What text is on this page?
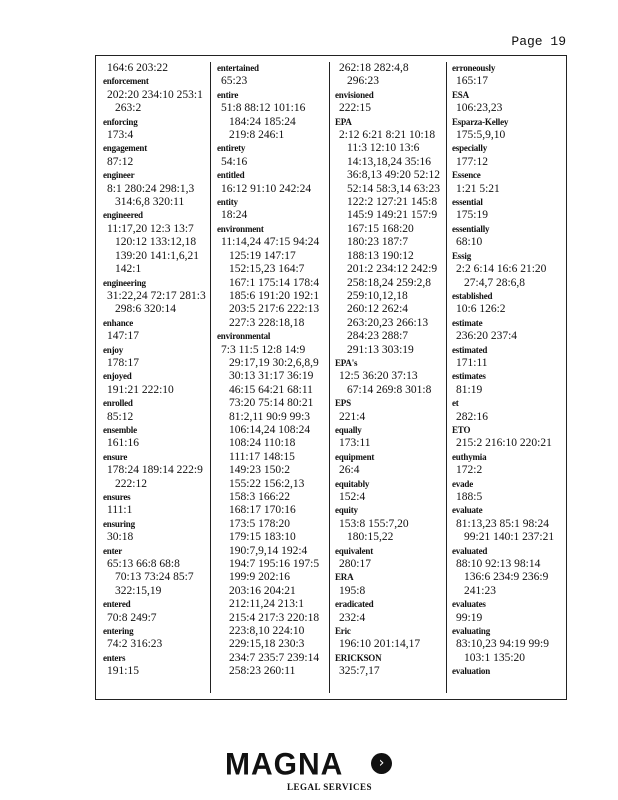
Page 19
164:6 203:22
enforcement
202:20 234:10 253:1
263:2
enforcing
173:4
engagement
87:12
engineer
8:1 280:24 298:1,3
314:6,8 320:11
engineered
11:17,20 12:3 13:7
120:12 133:12,18
139:20 141:1,6,21
142:1
engineering
31:22,24 72:17 281:3
298:6 320:14
enhance
147:17
enjoy
178:17
enjoyed
191:21 222:10
enrolled
85:12
ensemble
161:16
ensure
178:24 189:14 222:9
222:12
ensures
111:1
ensuring
30:18
enter
65:13 66:8 68:8
70:13 73:24 85:7
322:15,19
entered
70:8 249:7
entering
74:2 316:23
enters
191:15
entertained
65:23
entire
51:8 88:12 101:16
184:24 185:24
219:8 246:1
entirety
54:16
entitled
16:12 91:10 242:24
entity
18:24
environment
11:14,24 47:15 94:24
125:19 147:17
152:15,23 164:7
167:1 175:14 178:4
185:6 191:20 192:1
203:5 217:6 222:13
227:3 228:18,18
environmental
7:3 11:5 12:8 14:9
29:17,19 30:2,6,8,9
30:13 31:17 36:19
46:15 64:21 68:11
73:20 75:14 80:21
81:2,11 90:9 99:3
106:14,24 108:24
108:24 110:18
111:17 148:15
149:23 150:2
155:22 156:2,13
158:3 166:22
168:17 170:16
173:5 178:20
179:15 183:10
190:7,9,14 192:4
194:7 195:16 197:5
199:9 202:16
203:16 204:21
212:11,24 213:1
215:4 217:3 220:18
223:8,10 224:10
229:15,18 230:3
234:7 235:7 239:14
258:23 260:11
262:18 282:4,8
296:23
envisioned
222:15
EPA
2:12 6:21 8:21 10:18
11:3 12:10 13:6
14:13,18,24 35:16
36:8,13 49:20 52:12
52:14 58:3,14 63:23
122:2 127:21 145:8
145:9 149:21 157:9
167:15 168:20
180:23 187:7
188:13 190:12
201:2 234:12 242:9
258:18,24 259:2,8
259:10,12,18
260:12 262:4
263:20,23 266:13
284:23 288:7
291:13 303:19
EPA's
12:5 36:20 37:13
67:14 269:8 301:8
EPS
221:4
equally
173:11
equipment
26:4
equitably
152:4
equity
153:8 155:7,20
180:15,22
equivalent
280:17
ERA
195:8
eradicated
232:4
Eric
196:10 201:14,17
ERICKSON
325:7,17
erroneously
165:17
ESA
106:23,23
Esparza-Kelley
175:5,9,10
especially
177:12
Essence
1:21 5:21
essential
175:19
essentially
68:10
Essig
2:2 6:14 16:6 21:20
27:4,7 28:6,8
established
10:6 126:2
estimate
236:20 237:4
estimated
171:11
estimates
81:19
et
282:16
ETO
215:2 216:10 220:21
euthymia
172:2
evade
188:5
evaluate
81:13,23 85:1 98:24
99:21 140:1 237:21
evaluated
88:10 92:13 98:14
136:6 234:9 236:9
241:23
evaluates
99:19
evaluating
83:10,23 94:19 99:9
103:1 135:20
evaluation
MAGNA	›
LEGAL SERVICES
